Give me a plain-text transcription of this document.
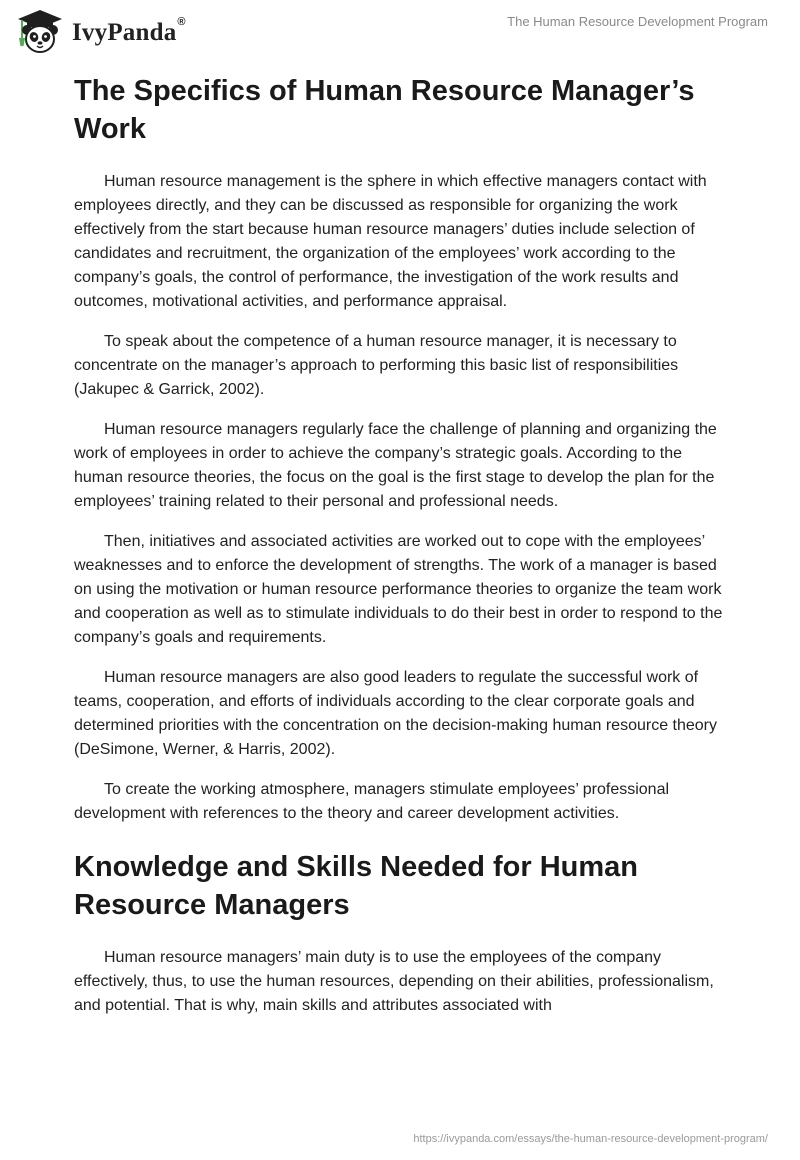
IvyPanda®	The Human Resource Development Program
The Specifics of Human Resource Manager’s Work

Human resource management is the sphere in which effective managers contact with employees directly, and they can be discussed as responsible for organizing the work effectively from the start because human resource managers’ duties include selection of candidates and recruitment, the organization of the employees’ work according to the company’s goals, the control of performance, the investigation of the work results and outcomes, motivational activities, and performance appraisal.

To speak about the competence of a human resource manager, it is necessary to concentrate on the manager’s approach to performing this basic list of responsibilities (Jakupec & Garrick, 2002).

Human resource managers regularly face the challenge of planning and organizing the work of employees in order to achieve the company’s strategic goals. According to the human resource theories, the focus on the goal is the first stage to develop the plan for the employees’ training related to their personal and professional needs.

Then, initiatives and associated activities are worked out to cope with the employees’ weaknesses and to enforce the development of strengths. The work of a manager is based on using the motivation or human resource performance theories to organize the team work and cooperation as well as to stimulate individuals to do their best in order to respond to the company’s goals and requirements.

Human resource managers are also good leaders to regulate the successful work of teams, cooperation, and efforts of individuals according to the clear corporate goals and determined priorities with the concentration on the decision-making human resource theory (DeSimone, Werner, & Harris, 2002).

To create the working atmosphere, managers stimulate employees’ professional development with references to the theory and career development activities.

Knowledge and Skills Needed for Human Resource Managers

Human resource managers’ main duty is to use the employees of the company effectively, thus, to use the human resources, depending on their abilities, professionalism, and potential. That is why, main skills and attributes associated with

https://ivypanda.com/essays/the-human-resource-development-program/
